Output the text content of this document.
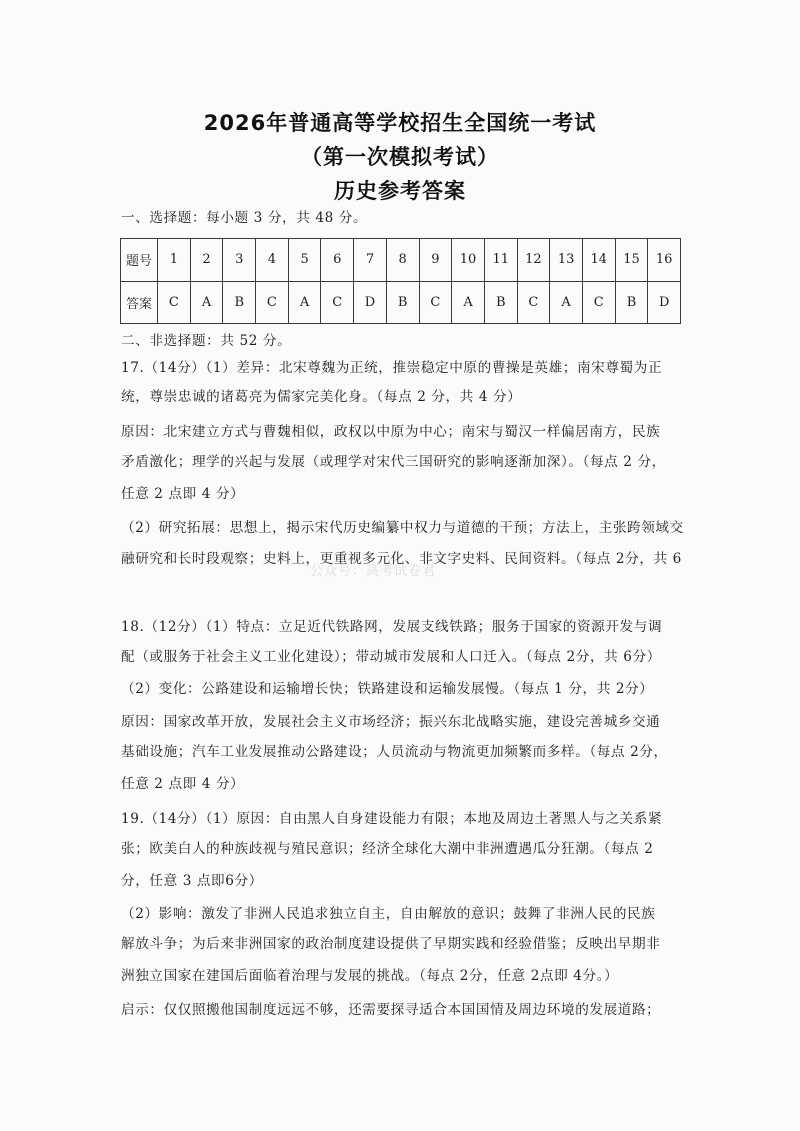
2026年普通高等学校招生全国统一考试
（第一次模拟考试）
历史参考答案
一、选择题：每小题 3 分，共 48 分。
题号	1	2	3	4	5	6	7	8	9	10	11	12	13	14	15	16
答案	C	A	B	C	A	C	D	B	C	A	B	C	A	C	B	D
二、非选择题：共 52 分。
17.（14分）（1）差异：北宋尊魏为正统，推崇稳定中原的曹操是英雄；南宋尊蜀为正
统，尊崇忠诚的诸葛亮为儒家完美化身。（每点 2 分，共 4 分）
原因：北宋建立方式与曹魏相似，政权以中原为中心；南宋与蜀汉一样偏居南方，民族
矛盾激化；理学的兴起与发展（或理学对宋代三国研究的影响逐渐加深）。（每点 2 分，
任意 2 点即 4 分）
（2）研究拓展：思想上，揭示宋代历史编纂中权力与道德的干预；方法上，主张跨领域交
融研究和长时段观察；史料上，更重视多元化、非文字史料、民间资料。（每点 2分，共 6
公众号：高考试卷君
18.（12分）（1）特点：立足近代铁路网，发展支线铁路；服务于国家的资源开发与调
配（或服务于社会主义工业化建设）；带动城市发展和人口迁入。（每点 2分，共 6分）
（2）变化：公路建设和运输增长快；铁路建设和运输发展慢。（每点 1 分，共 2分）
原因：国家改革开放，发展社会主义市场经济；振兴东北战略实施，建设完善城乡交通
基础设施；汽车工业发展推动公路建设；人员流动与物流更加频繁而多样。（每点 2分，
任意 2 点即 4 分）
19.（14分）（1）原因：自由黑人自身建设能力有限；本地及周边土著黑人与之关系紧
张；欧美白人的种族歧视与殖民意识；经济全球化大潮中非洲遭遇瓜分狂潮。（每点 2
分，任意 3 点即6分）
（2）影响：激发了非洲人民追求独立自主，自由解放的意识；鼓舞了非洲人民的民族
解放斗争；为后来非洲国家的政治制度建设提供了早期实践和经验借鉴；反映出早期非
洲独立国家在建国后面临着治理与发展的挑战。（每点 2分，任意 2点即 4分。）
启示：仅仅照搬他国制度远远不够，还需要探寻适合本国国情及周边环境的发展道路；
